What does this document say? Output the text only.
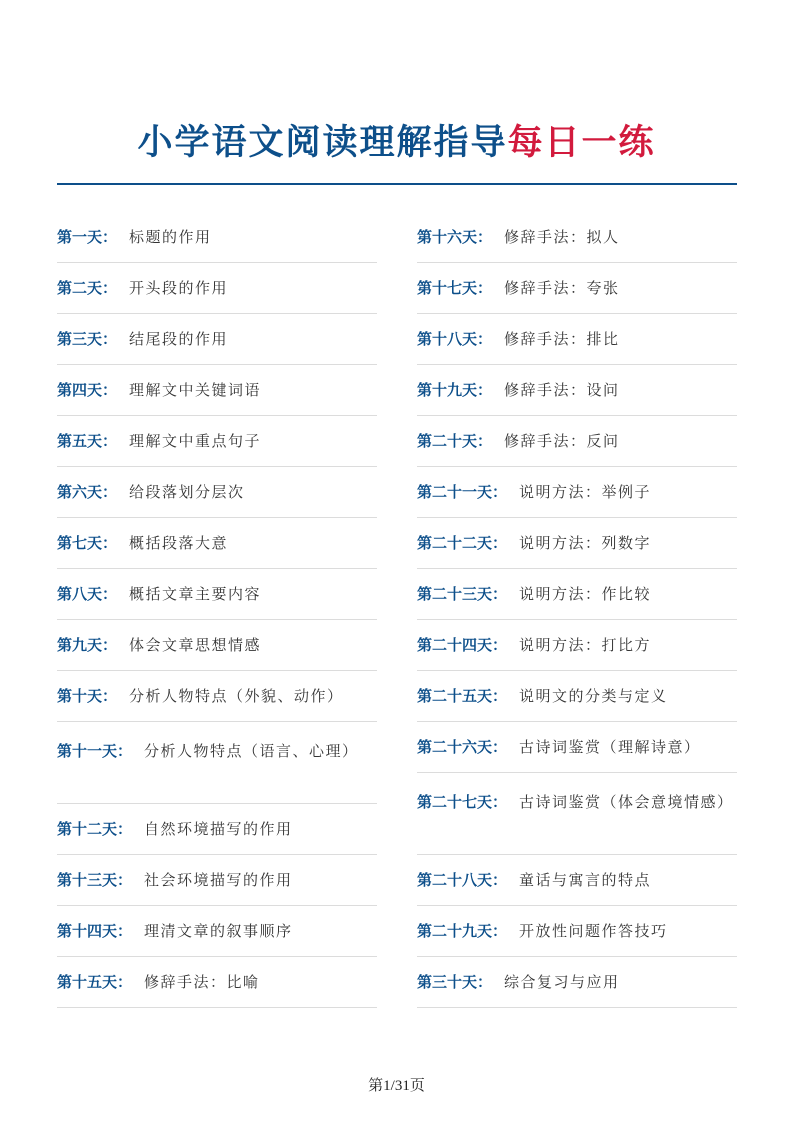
小学语文阅读理解指导每日一练
第一天： 标题的作用
第二天： 开头段的作用
第三天： 结尾段的作用
第四天： 理解文中关键词语
第五天： 理解文中重点句子
第六天： 给段落划分层次
第七天： 概括段落大意
第八天： 概括文章主要内容
第九天： 体会文章思想情感
第十天： 分析人物特点（外貌、动作）
第十一天： 分析人物特点（语言、心理）
第十二天： 自然环境描写的作用
第十三天： 社会环境描写的作用
第十四天： 理清文章的叙事顺序
第十五天： 修辞手法：比喻
第十六天： 修辞手法：拟人
第十七天： 修辞手法：夸张
第十八天： 修辞手法：排比
第十九天： 修辞手法：设问
第二十天： 修辞手法：反问
第二十一天： 说明方法：举例子
第二十二天： 说明方法：列数字
第二十三天： 说明方法：作比较
第二十四天： 说明方法：打比方
第二十五天： 说明文的分类与定义
第二十六天： 古诗词鉴赏（理解诗意）
第二十七天： 古诗词鉴赏（体会意境情感）
第二十八天： 童话与寓言的特点
第二十九天： 开放性问题作答技巧
第三十天： 综合复习与应用
第1/31页
